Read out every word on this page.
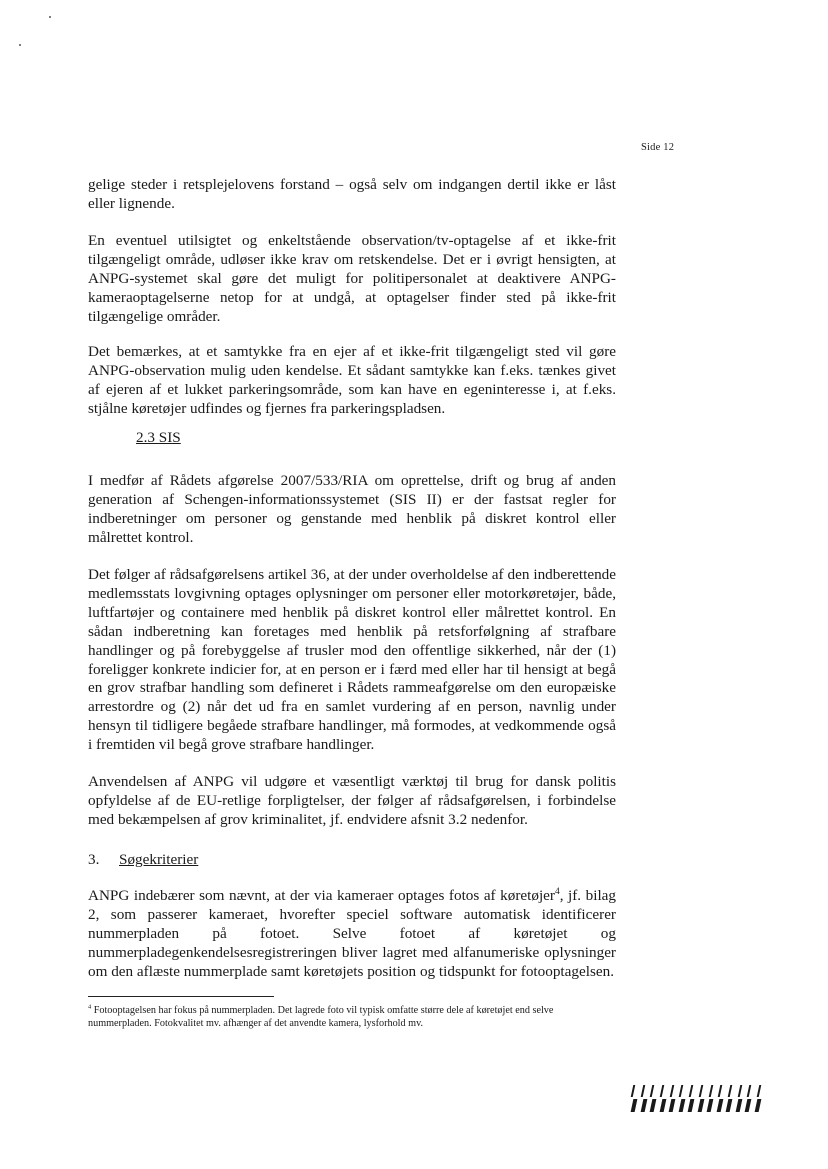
Side 12

gelige steder i retsplejelovens forstand – også selv om indgangen dertil ikke er låst eller lignende.

En eventuel utilsigtet og enkeltstående observation/tv-optagelse af et ikke-frit tilgængeligt område, udløser ikke krav om retskendelse. Det er i øvrigt hensigten, at ANPG-systemet skal gøre det muligt for politipersonalet at deaktivere ANPG-kameraoptagelserne netop for at undgå, at optagelser finder sted på ikke-frit tilgængelige områder.

Det bemærkes, at et samtykke fra en ejer af et ikke-frit tilgængeligt sted vil gøre ANPG-observation mulig uden kendelse. Et sådant samtykke kan f.eks. tænkes givet af ejeren af et lukket parkeringsområde, som kan have en egeninteresse i, at f.eks. stjålne køretøjer udfindes og fjernes fra parkeringspladsen.

2.3 SIS

I medfør af Rådets afgørelse 2007/533/RIA om oprettelse, drift og brug af anden generation af Schengen-informationssystemet (SIS II) er der fastsat regler for indberetninger om personer og genstande med henblik på diskret kontrol eller målrettet kontrol.

Det følger af rådsafgørelsens artikel 36, at der under overholdelse af den indberettende medlemsstats lovgivning optages oplysninger om personer eller motorkøretøjer, både, luftfartøjer og containere med henblik på diskret kontrol eller målrettet kontrol. En sådan indberetning kan foretages med henblik på retsforfølgning af strafbare handlinger og på forebyggelse af trusler mod den offentlige sikkerhed, når der (1) foreligger konkrete indicier for, at en person er i færd med eller har til hensigt at begå en grov strafbar handling som defineret i Rådets rammeafgørelse om den europæiske arrestordre og (2) når det ud fra en samlet vurdering af en person, navnlig under hensyn til tidligere begåede strafbare handlinger, må formodes, at vedkommende også i fremtiden vil begå grove strafbare handlinger.

Anvendelsen af ANPG vil udgøre et væsentligt værktøj til brug for dansk politis opfyldelse af de EU-retlige forpligtelser, der følger af rådsafgørelsen, i forbindelse med bekæmpelsen af grov kriminalitet, jf. endvidere afsnit 3.2 nedenfor.

3. Søgekriterier

ANPG indebærer som nævnt, at der via kameraer optages fotos af køretøjer$^4$, jf. bilag 2, som passerer kameraet, hvorefter speciel software automatisk identificerer nummerpladen på fotoet. Selve fotoet af køretøjet og nummerpladegenkendelsesregistreringen bliver lagret med alfanumeriske oplysninger om den aflæste nummerplade samt køretøjets position og tidspunkt for fotooptagelsen.

$^4$ Fotooptagelsen har fokus på nummerpladen. Det lagrede foto vil typisk omfatte større dele af køretøjet end selve nummerpladen. Fotokvalitet mv. afhænger af det anvendte kamera, lysforhold mv.
